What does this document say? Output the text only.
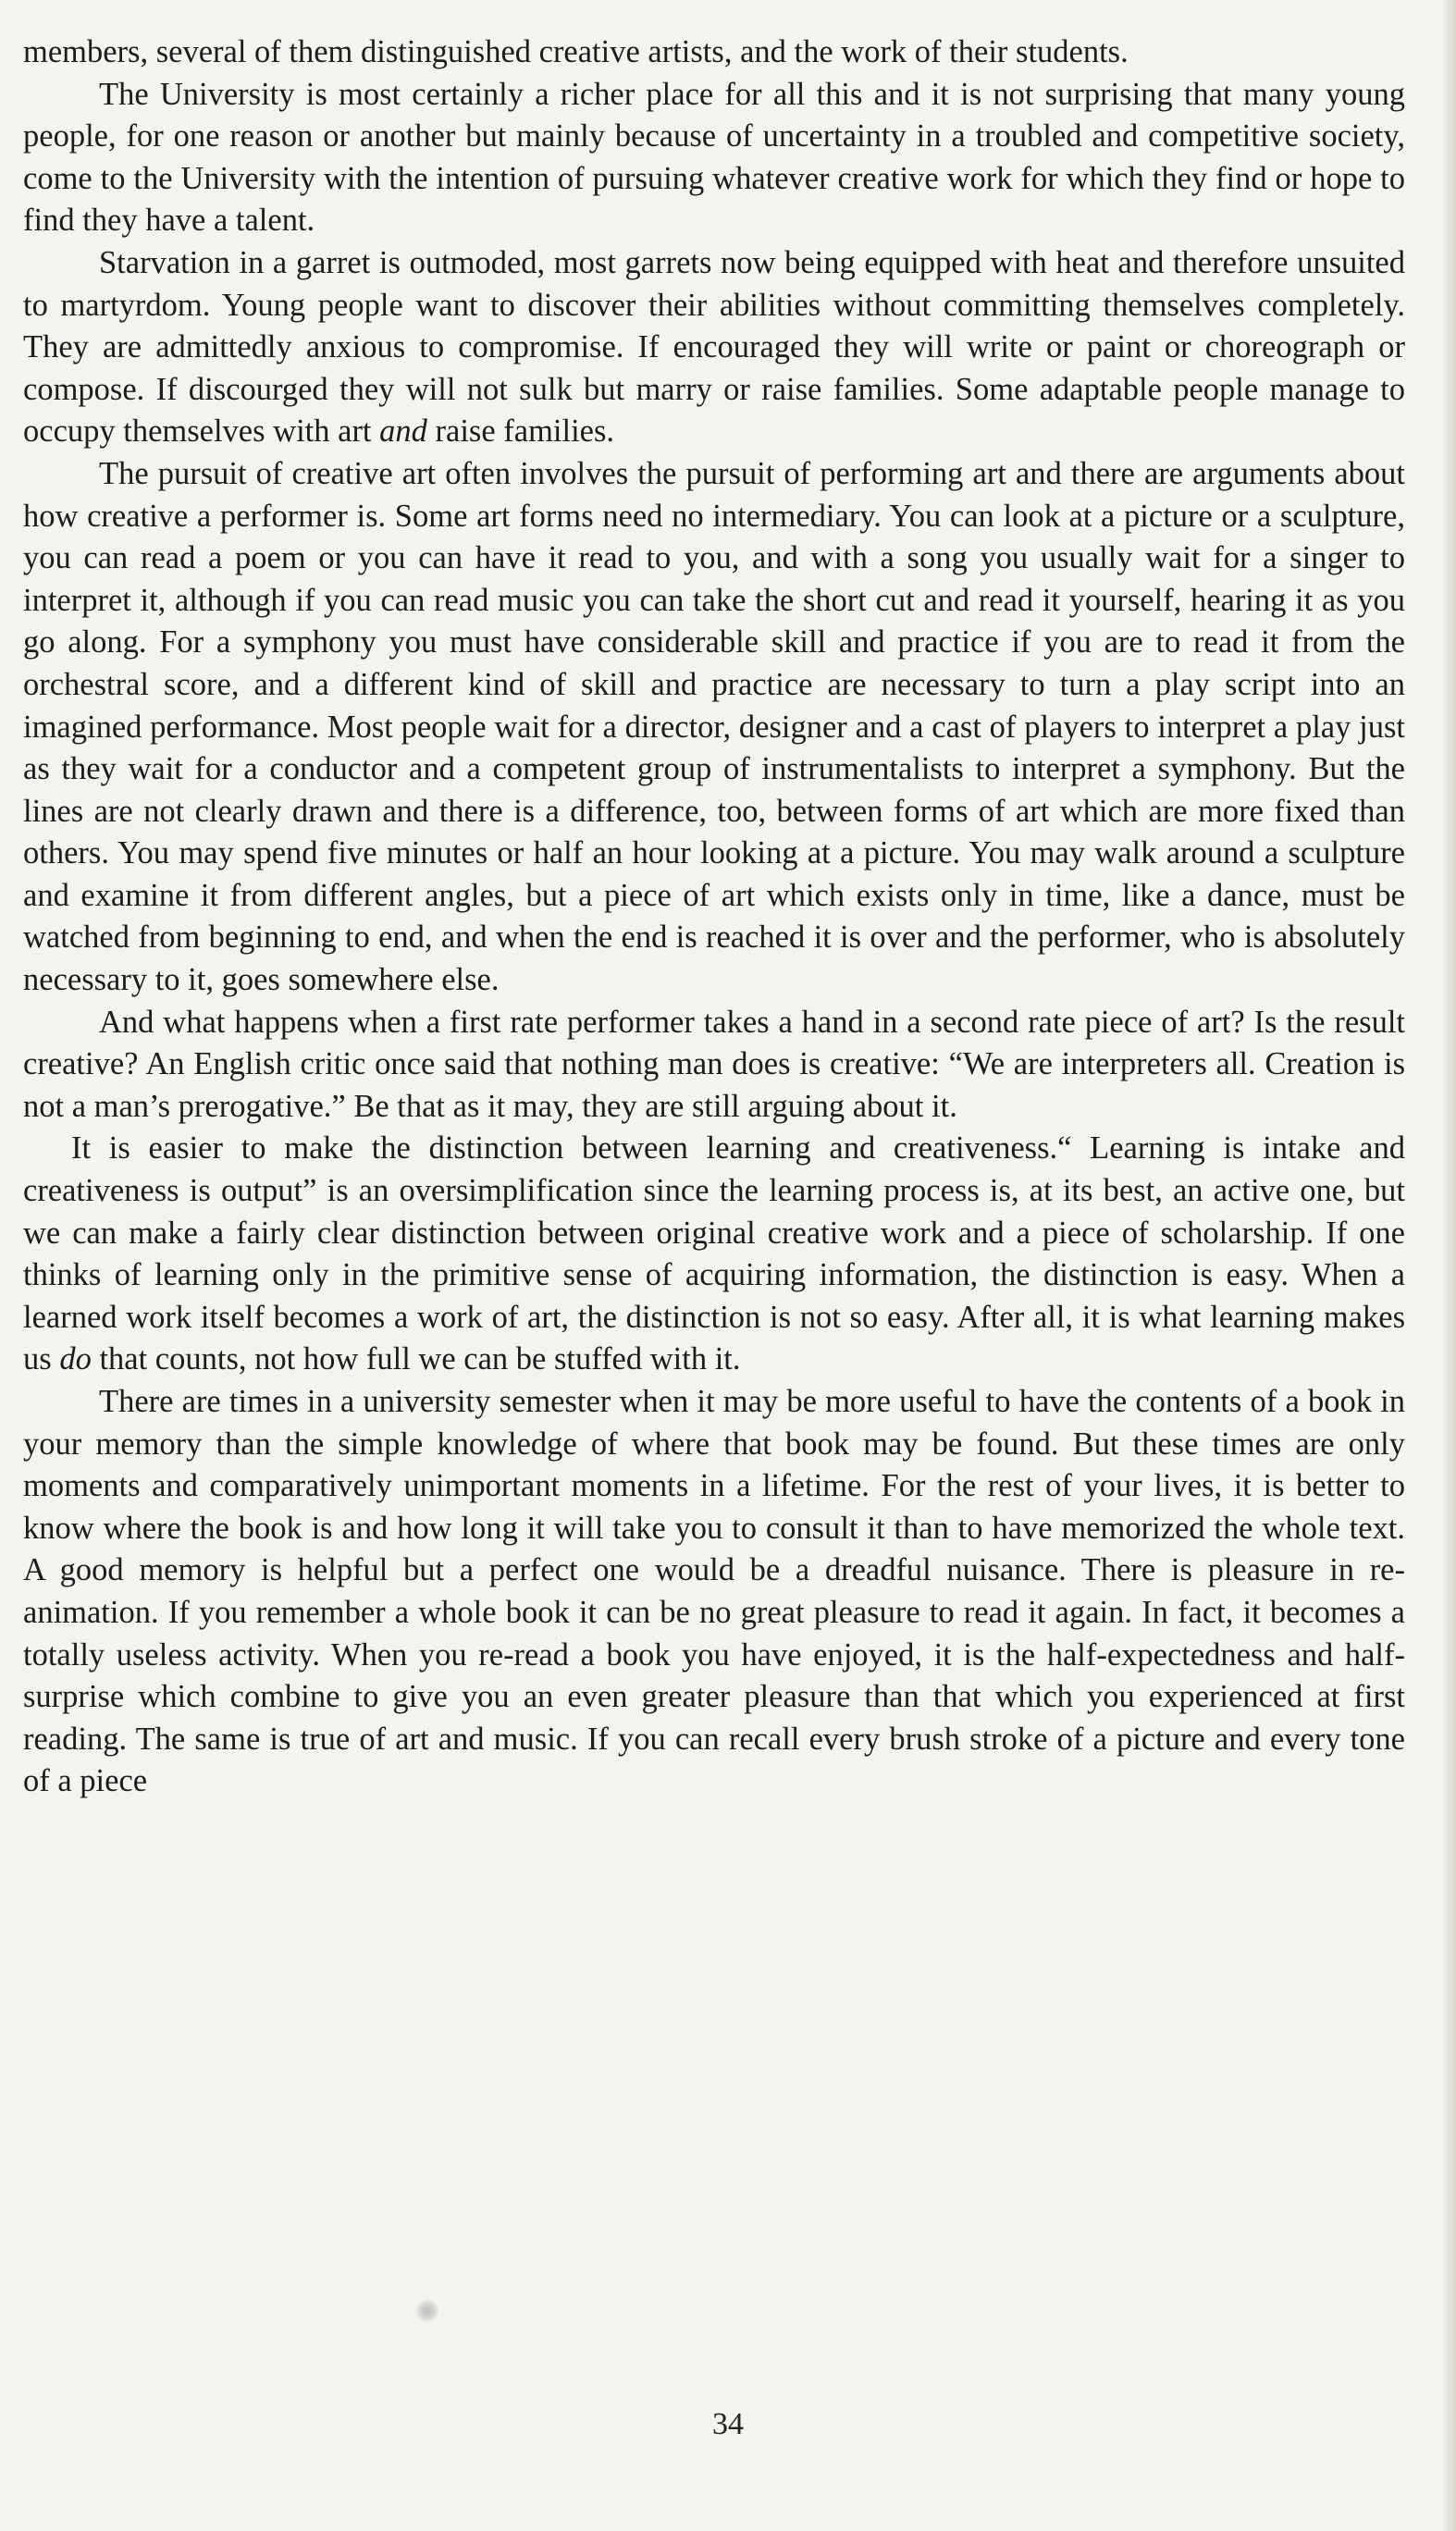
members, several of them distinguished creative artists, and the work of their students.

The University is most certainly a richer place for all this and it is not surprising that many young people, for one reason or another but mainly because of uncertainty in a troubled and competitive society, come to the University with the intention of pursuing whatever creative work for which they find or hope to find they have a talent.

Starvation in a garret is outmoded, most garrets now being equipped with heat and therefore unsuited to martyrdom. Young people want to discover their abilities without committing themselves completely. They are admittedly anxious to compromise. If encouraged they will write or paint or choreograph or compose. If discourged they will not sulk but marry or raise families. Some adaptable people manage to occupy themselves with art and raise families.

The pursuit of creative art often involves the pursuit of performing art and there are arguments about how creative a performer is. Some art forms need no intermediary. You can look at a picture or a sculpture, you can read a poem or you can have it read to you, and with a song you usually wait for a singer to interpret it, although if you can read music you can take the short cut and read it yourself, hearing it as you go along. For a symphony you must have considerable skill and practice if you are to read it from the orchestral score, and a different kind of skill and practice are necessary to turn a play script into an imagined performance. Most people wait for a director, designer and a cast of players to interpret a play just as they wait for a conductor and a competent group of instrumentalists to interpret a symphony. But the lines are not clearly drawn and there is a difference, too, between forms of art which are more fixed than others. You may spend five minutes or half an hour looking at a picture. You may walk around a sculpture and examine it from different angles, but a piece of art which exists only in time, like a dance, must be watched from beginning to end, and when the end is reached it is over and the performer, who is absolutely necessary to it, goes somewhere else.

And what happens when a first rate performer takes a hand in a second rate piece of art? Is the result creative? An English critic once said that nothing man does is creative: “We are interpreters all. Creation is not a man’s prerogative.” Be that as it may, they are still arguing about it.

It is easier to make the distinction between learning and creativeness.“ Learning is intake and creativeness is output” is an oversimplification since the learning process is, at its best, an active one, but we can make a fairly clear distinction between original creative work and a piece of scholarship. If one thinks of learning only in the primitive sense of acquiring information, the distinction is easy. When a learned work itself becomes a work of art, the distinction is not so easy. After all, it is what learning makes us do that counts, not how full we can be stuffed with it.

There are times in a university semester when it may be more useful to have the contents of a book in your memory than the simple knowledge of where that book may be found. But these times are only moments and comparatively unimportant moments in a lifetime. For the rest of your lives, it is better to know where the book is and how long it will take you to consult it than to have memorized the whole text. A good memory is helpful but a perfect one would be a dreadful nuisance. There is pleasure in re-animation. If you remember a whole book it can be no great pleasure to read it again. In fact, it becomes a totally useless activity. When you re-read a book you have enjoyed, it is the half-expectedness and half-surprise which combine to give you an even greater pleasure than that which you experienced at first reading. The same is true of art and music. If you can recall every brush stroke of a picture and every tone of a piece

34
